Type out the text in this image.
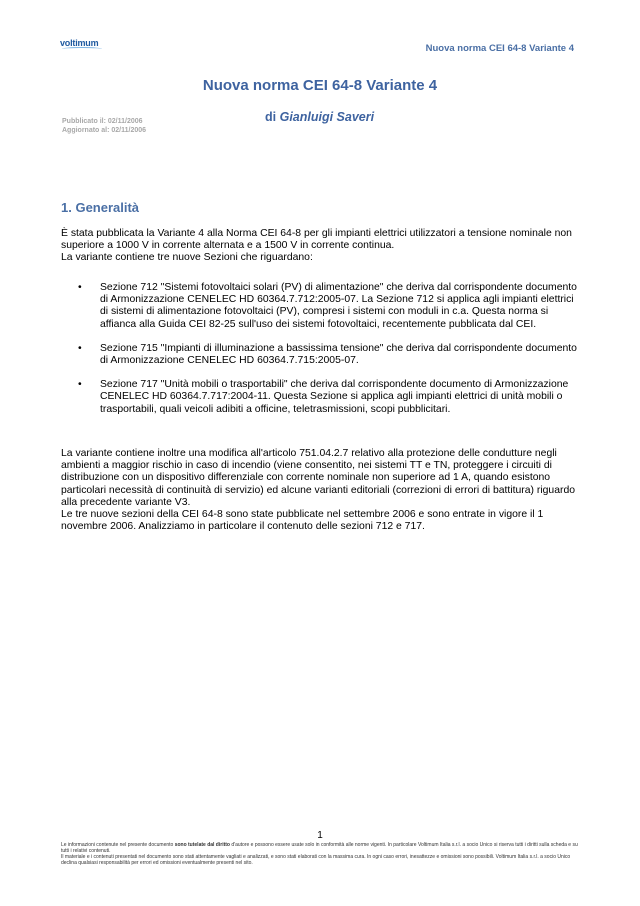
voltimum	Nuova norma CEI 64-8 Variante 4
Nuova norma CEI 64-8 Variante 4
Pubblicato il: 02/11/2006
Aggiornato al: 02/11/2006
di Gianluigi Saveri
1. Generalità
È stata pubblicata la Variante 4 alla Norma CEI 64-8 per gli impianti elettrici utilizzatori a tensione nominale non superiore a 1000 V in corrente alternata e a 1500 V in corrente continua.
La variante contiene tre nuove Sezioni che riguardano:
• Sezione 712 "Sistemi fotovoltaici solari (PV) di alimentazione" che deriva dal corrispondente documento di Armonizzazione CENELEC HD 60364.7.712:2005-07. La Sezione 712 si applica agli impianti elettrici di sistemi di alimentazione fotovoltaici (PV), compresi i sistemi con moduli in c.a. Questa norma si affianca alla Guida CEI 82-25 sull'uso dei sistemi fotovoltaici, recentemente pubblicata dal CEI.
• Sezione 715 "Impianti di illuminazione a bassissima tensione" che deriva dal corrispondente documento di Armonizzazione CENELEC HD 60364.7.715:2005-07.
• Sezione 717 "Unità mobili o trasportabili" che deriva dal corrispondente documento di Armonizzazione CENELEC HD 60364.7.717:2004-11. Questa Sezione si applica agli impianti elettrici di unità mobili o trasportabili, quali veicoli adibiti a officine, teletrasmissioni, scopi pubblicitari.
La variante contiene inoltre una modifica all'articolo 751.04.2.7 relativo alla protezione delle condutture negli ambienti a maggior rischio in caso di incendio (viene consentito, nei sistemi TT e TN, proteggere i circuiti di distribuzione con un dispositivo differenziale con corrente nominale non superiore ad 1 A, quando esistono particolari necessità di continuità di servizio) ed alcune varianti editoriali (correzioni di errori di battitura) riguardo alla precedente variante V3.
Le tre nuove sezioni della CEI 64-8 sono state pubblicate nel settembre 2006 e sono entrate in vigore il 1 novembre 2006. Analizziamo in particolare il contenuto delle sezioni 712 e 717.
1
Le informazioni contenute nel presente documento sono tutelate dal diritto d'autore e possono essere usate solo in conformità alle norme vigenti. In particolare Voltimum Italia s.r.l. a socio Unico si riserva tutti i diritti sulla scheda e su tutti i relativi contenuti.
Il materiale e i contenuti presentati nel documento sono stati attentamente vagliati e analizzati, e sono stati elaborati con la massima cura. In ogni caso errori, inesattezze e omissioni sono possibili. Voltimum Italia s.r.l. a socio Unico declina qualsiasi responsabilità per errori ed omissioni eventualmente presenti nel sito.
